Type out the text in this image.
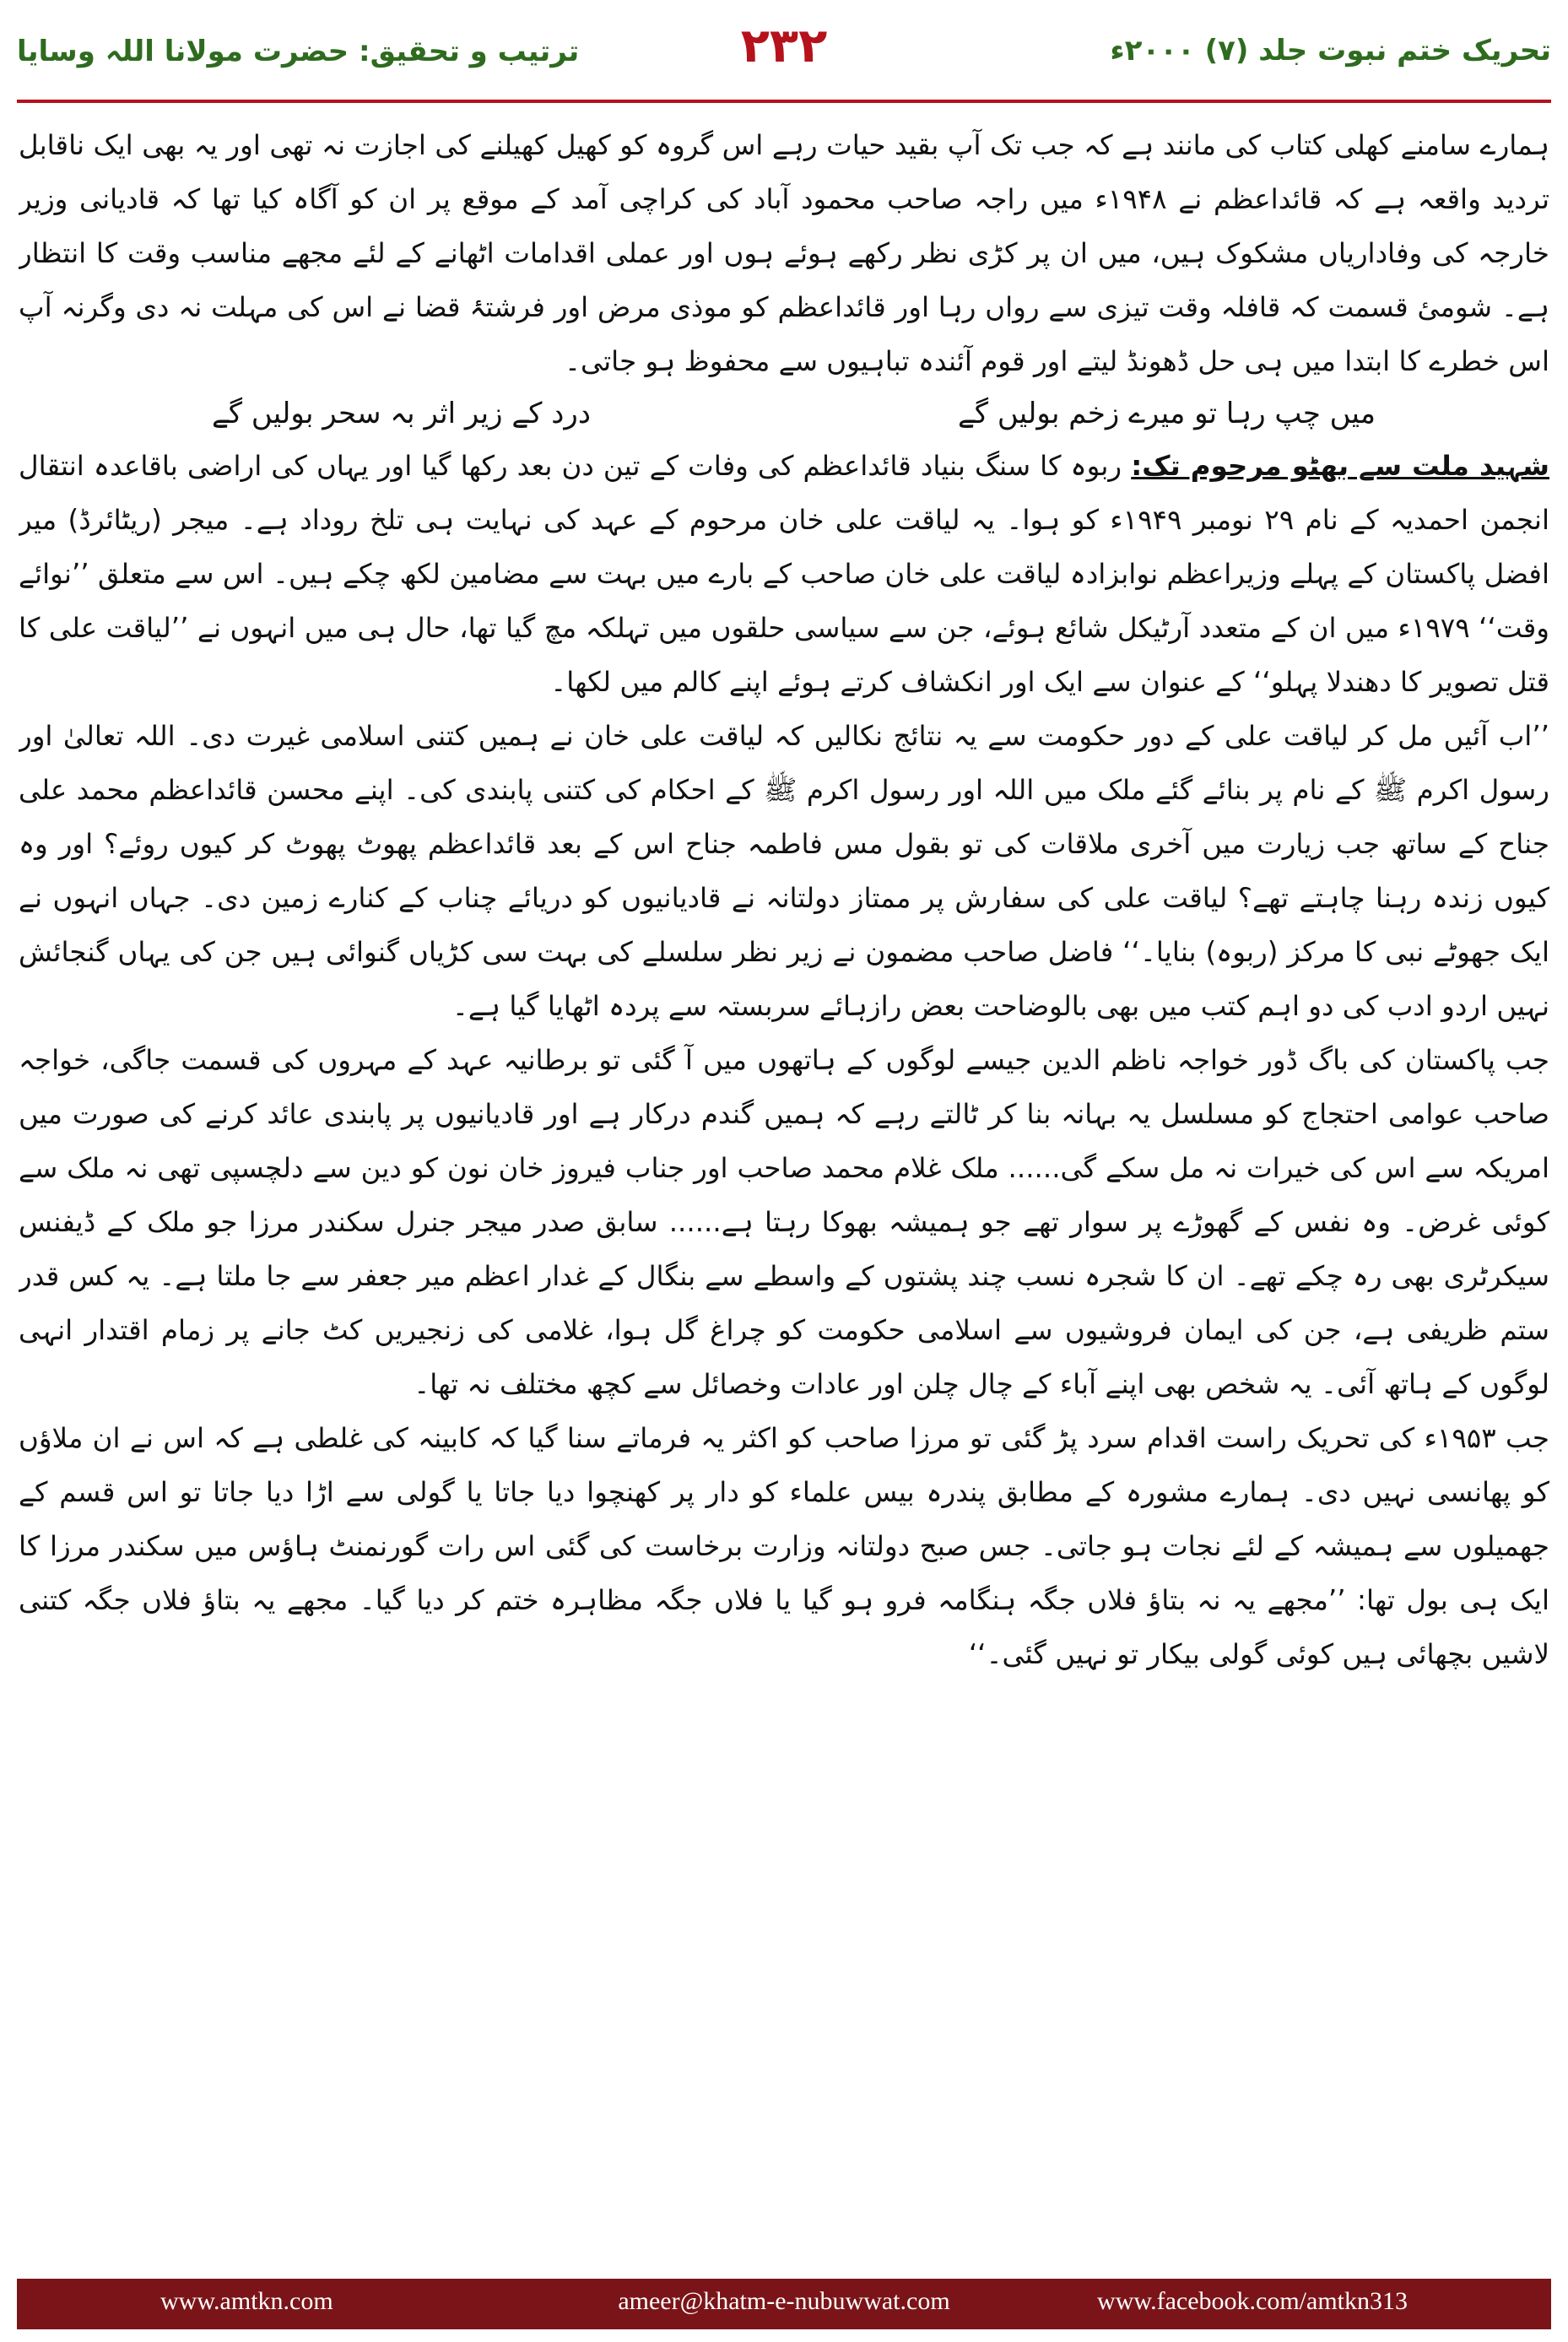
ترتیب و تحقیق: حضرت مولانا اللہ وسایا	۲۳۲	تحریک ختم نبوت جلد (۷) ۲۰۰۰ء

ہمارے سامنے کھلی کتاب کی مانند ہے کہ جب تک آپ بقید حیات رہے اس گروہ کو کھیل کھیلنے کی اجازت نہ تھی اور یہ بھی ایک ناقابل تردید واقعہ ہے کہ قائداعظم نے ۱۹۴۸ء میں راجہ صاحب محمود آباد کی کراچی آمد کے موقع پر ان کو آگاہ کیا تھا کہ قادیانی وزیر خارجہ کی وفاداریاں مشکوک ہیں، میں ان پر کڑی نظر رکھے ہوئے ہوں اور عملی اقدامات اٹھانے کے لئے مجھے مناسب وقت کا انتظار ہے۔ شومیٔ قسمت کہ قافلہ وقت تیزی سے رواں رہا اور قائداعظم کو موذی مرض اور فرشتۂ قضا نے اس کی مہلت نہ دی وگرنہ آپ اس خطرے کا ابتدا میں ہی حل ڈھونڈ لیتے اور قوم آئندہ تباہیوں سے محفوظ ہو جاتی۔

میں چپ رہا تو میرے زخم بولیں گے
درد کے زیر اثر بہ سحر بولیں گے

شہید ملت سے بھٹو مرحوم تک: ربوہ کا سنگ بنیاد قائداعظم کی وفات کے تین دن بعد رکھا گیا اور یہاں کی اراضی باقاعدہ انتقال انجمن احمدیہ کے نام ۲۹ نومبر ۱۹۴۹ء کو ہوا۔ یہ لیاقت علی خان مرحوم کے عہد کی نہایت ہی تلخ روداد ہے۔ میجر (ریٹائرڈ) میر افضل پاکستان کے پہلے وزیراعظم نوابزادہ لیاقت علی خان صاحب کے بارے میں بہت سے مضامین لکھ چکے ہیں۔ اس سے متعلق ’’نوائے وقت‘‘ ۱۹۷۹ء میں ان کے متعدد آرٹیکل شائع ہوئے، جن سے سیاسی حلقوں میں تہلکہ مچ گیا تھا، حال ہی میں انہوں نے ’’لیاقت علی کا قتل تصویر کا دھندلا پہلو‘‘ کے عنوان سے ایک اور انکشاف کرتے ہوئے اپنے کالم میں لکھا۔

’’اب آئیں مل کر لیاقت علی کے دور حکومت سے یہ نتائج نکالیں کہ لیاقت علی خان نے ہمیں کتنی اسلامی غیرت دی۔ اللہ تعالیٰ اور رسول اکرم ﷺ کے نام پر بنائے گئے ملک میں اللہ اور رسول اکرم ﷺ کے احکام کی کتنی پابندی کی۔ اپنے محسن قائداعظم محمد علی جناح کے ساتھ جب زیارت میں آخری ملاقات کی تو بقول مس فاطمہ جناح اس کے بعد قائداعظم پھوٹ پھوٹ کر کیوں روئے؟ اور وہ کیوں زندہ رہنا چاہتے تھے؟ لیاقت علی کی سفارش پر ممتاز دولتانہ نے قادیانیوں کو دریائے چناب کے کنارے زمین دی۔ جہاں انہوں نے ایک جھوٹے نبی کا مرکز (ربوہ) بنایا۔‘‘ فاضل صاحب مضمون نے زیر نظر سلسلے کی بہت سی کڑیاں گنوائی ہیں جن کی یہاں گنجائش نہیں اردو ادب کی دو اہم کتب میں بھی بالوضاحت بعض رازہائے سربستہ سے پردہ اٹھایا گیا ہے۔

جب پاکستان کی باگ ڈور خواجہ ناظم الدین جیسے لوگوں کے ہاتھوں میں آ گئی تو برطانیہ عہد کے مہروں کی قسمت جاگی، خواجہ صاحب عوامی احتجاج کو مسلسل یہ بہانہ بنا کر ٹالتے رہے کہ ہمیں گندم درکار ہے اور قادیانیوں پر پابندی عائد کرنے کی صورت میں امریکہ سے اس کی خیرات نہ مل سکے گی...... ملک غلام محمد صاحب اور جناب فیروز خان نون کو دین سے دلچسپی تھی نہ ملک سے کوئی غرض۔ وہ نفس کے گھوڑے پر سوار تھے جو ہمیشہ بھوکا رہتا ہے...... سابق صدر میجر جنرل سکندر مرزا جو ملک کے ڈیفنس سیکرٹری بھی رہ چکے تھے۔ ان کا شجرہ نسب چند پشتوں کے واسطے سے بنگال کے غدار اعظم میر جعفر سے جا ملتا ہے۔ یہ کس قدر ستم ظریفی ہے، جن کی ایمان فروشیوں سے اسلامی حکومت کو چراغ گل ہوا، غلامی کی زنجیریں کٹ جانے پر زمام اقتدار انہی لوگوں کے ہاتھ آئی۔ یہ شخص بھی اپنے آباء کے چال چلن اور عادات وخصائل سے کچھ مختلف نہ تھا۔

جب ۱۹۵۳ء کی تحریک راست اقدام سرد پڑ گئی تو مرزا صاحب کو اکثر یہ فرماتے سنا گیا کہ کابینہ کی غلطی ہے کہ اس نے ان ملاؤں کو پھانسی نہیں دی۔ ہمارے مشورہ کے مطابق پندرہ بیس علماء کو دار پر کھنچوا دیا جاتا یا گولی سے اڑا دیا جاتا تو اس قسم کے جھمیلوں سے ہمیشہ کے لئے نجات ہو جاتی۔ جس صبح دولتانہ وزارت برخاست کی گئی اس رات گورنمنٹ ہاؤس میں سکندر مرزا کا ایک ہی بول تھا: ’’مجھے یہ نہ بتاؤ فلاں جگہ ہنگامہ فرو ہو گیا یا فلاں جگہ مظاہرہ ختم کر دیا گیا۔ مجھے یہ بتاؤ فلاں جگہ کتنی لاشیں بچھائی ہیں کوئی گولی بیکار تو نہیں گئی۔‘‘

www.amtkn.com	ameer@khatm-e-nubuwwat.com	www.facebook.com/amtkn313
